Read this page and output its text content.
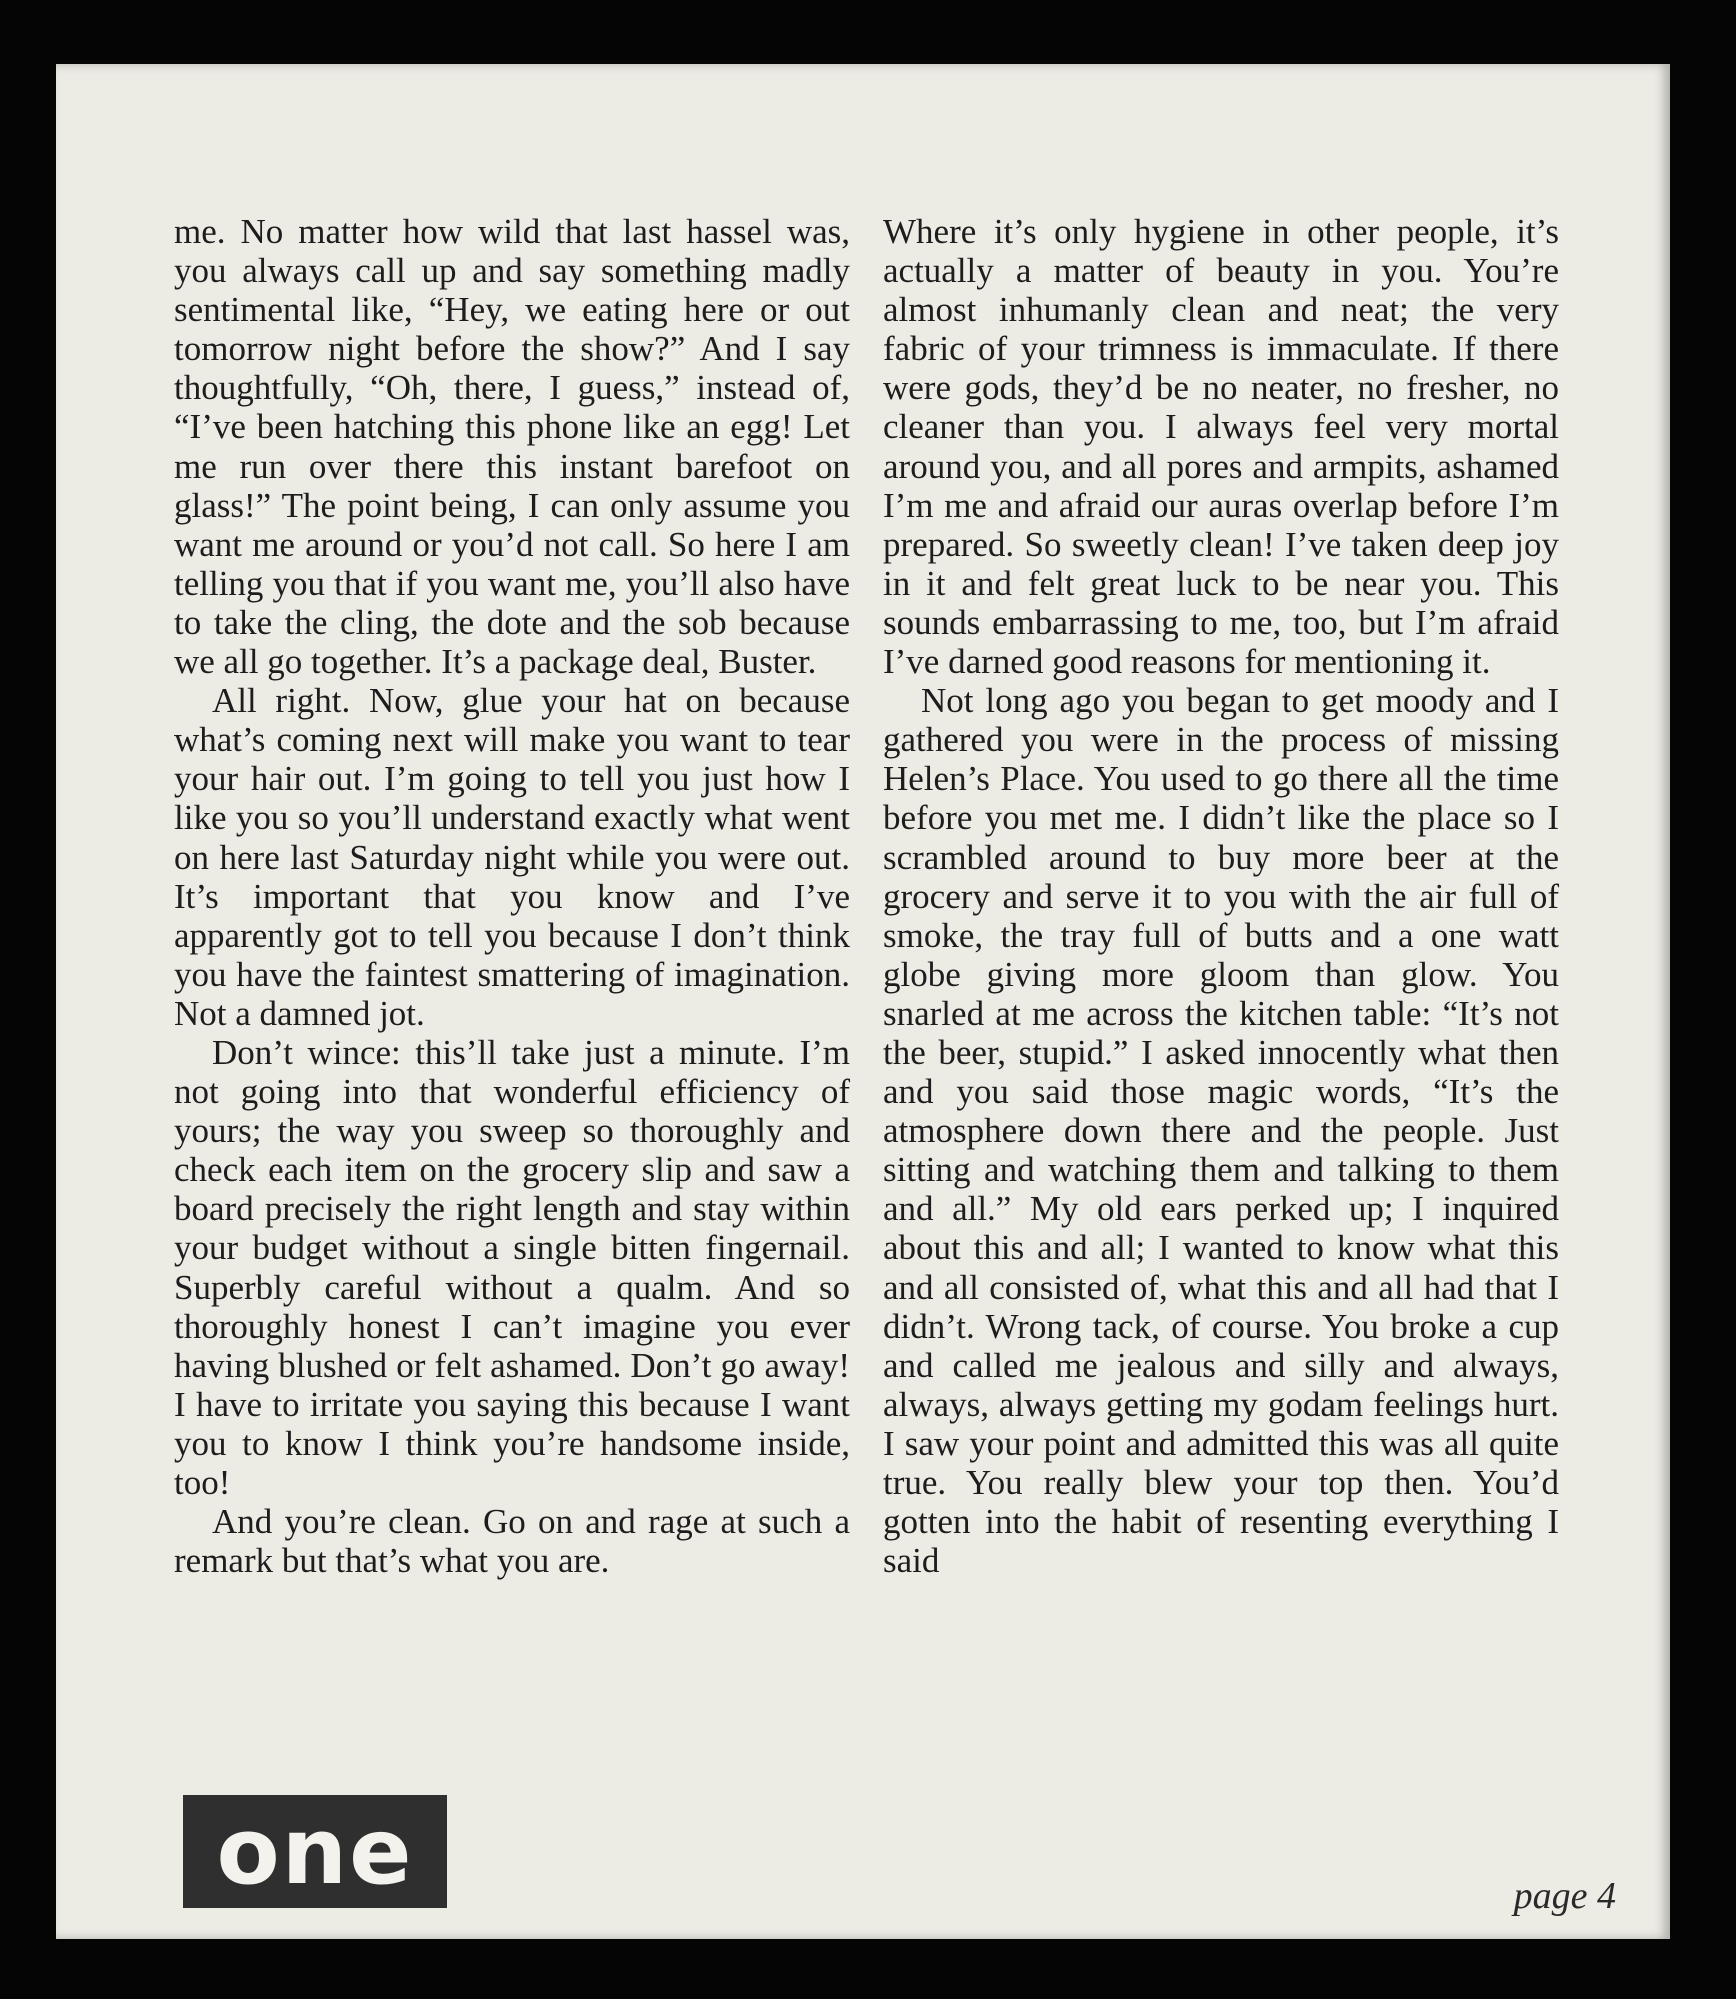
me. No matter how wild that last hassel was, you always call up and say something madly sentimental like, “Hey, we eating here or out tomorrow night before the show?” And I say thoughtfully, “Oh, there, I guess,” instead of, “I’ve been hatching this phone like an egg! Let me run over there this instant barefoot on glass!” The point being, I can only assume you want me around or you’d not call. So here I am telling you that if you want me, you’ll also have to take the cling, the dote and the sob because we all go together. It’s a package deal, Buster.

All right. Now, glue your hat on because what’s coming next will make you want to tear your hair out. I’m going to tell you just how I like you so you’ll understand exactly what went on here last Saturday night while you were out. It’s important that you know and I’ve apparently got to tell you because I don’t think you have the faintest smattering of imagination. Not a damned jot.

Don’t wince: this’ll take just a minute. I’m not going into that wonderful efficiency of yours; the way you sweep so thoroughly and check each item on the grocery slip and saw a board precisely the right length and stay within your budget without a single bitten fingernail. Superbly careful without a qualm. And so thoroughly honest I can’t imagine you ever having blushed or felt ashamed. Don’t go away! I have to irritate you saying this because I want you to know I think you’re handsome inside, too!

And you’re clean. Go on and rage at such a remark but that’s what you are.

Where it’s only hygiene in other people, it’s actually a matter of beauty in you. You’re almost inhumanly clean and neat; the very fabric of your trimness is immaculate. If there were gods, they’d be no neater, no fresher, no cleaner than you. I always feel very mortal around you, and all pores and armpits, ashamed I’m me and afraid our auras overlap before I’m prepared. So sweetly clean! I’ve taken deep joy in it and felt great luck to be near you. This sounds embarrassing to me, too, but I’m afraid I’ve darned good reasons for mentioning it.

Not long ago you began to get moody and I gathered you were in the process of missing Helen’s Place. You used to go there all the time before you met me. I didn’t like the place so I scrambled around to buy more beer at the grocery and serve it to you with the air full of smoke, the tray full of butts and a one watt globe giving more gloom than glow. You snarled at me across the kitchen table: “It’s not the beer, stupid.” I asked innocently what then and you said those magic words, “It’s the atmosphere down there and the people. Just sitting and watching them and talking to them and all.” My old ears perked up; I inquired about this and all; I wanted to know what this and all consisted of, what this and all had that I didn’t. Wrong tack, of course. You broke a cup and called me jealous and silly and always, always, always getting my godam feelings hurt. I saw your point and admitted this was all quite true. You really blew your top then. You’d gotten into the habit of resenting everything I said

one	page 4
